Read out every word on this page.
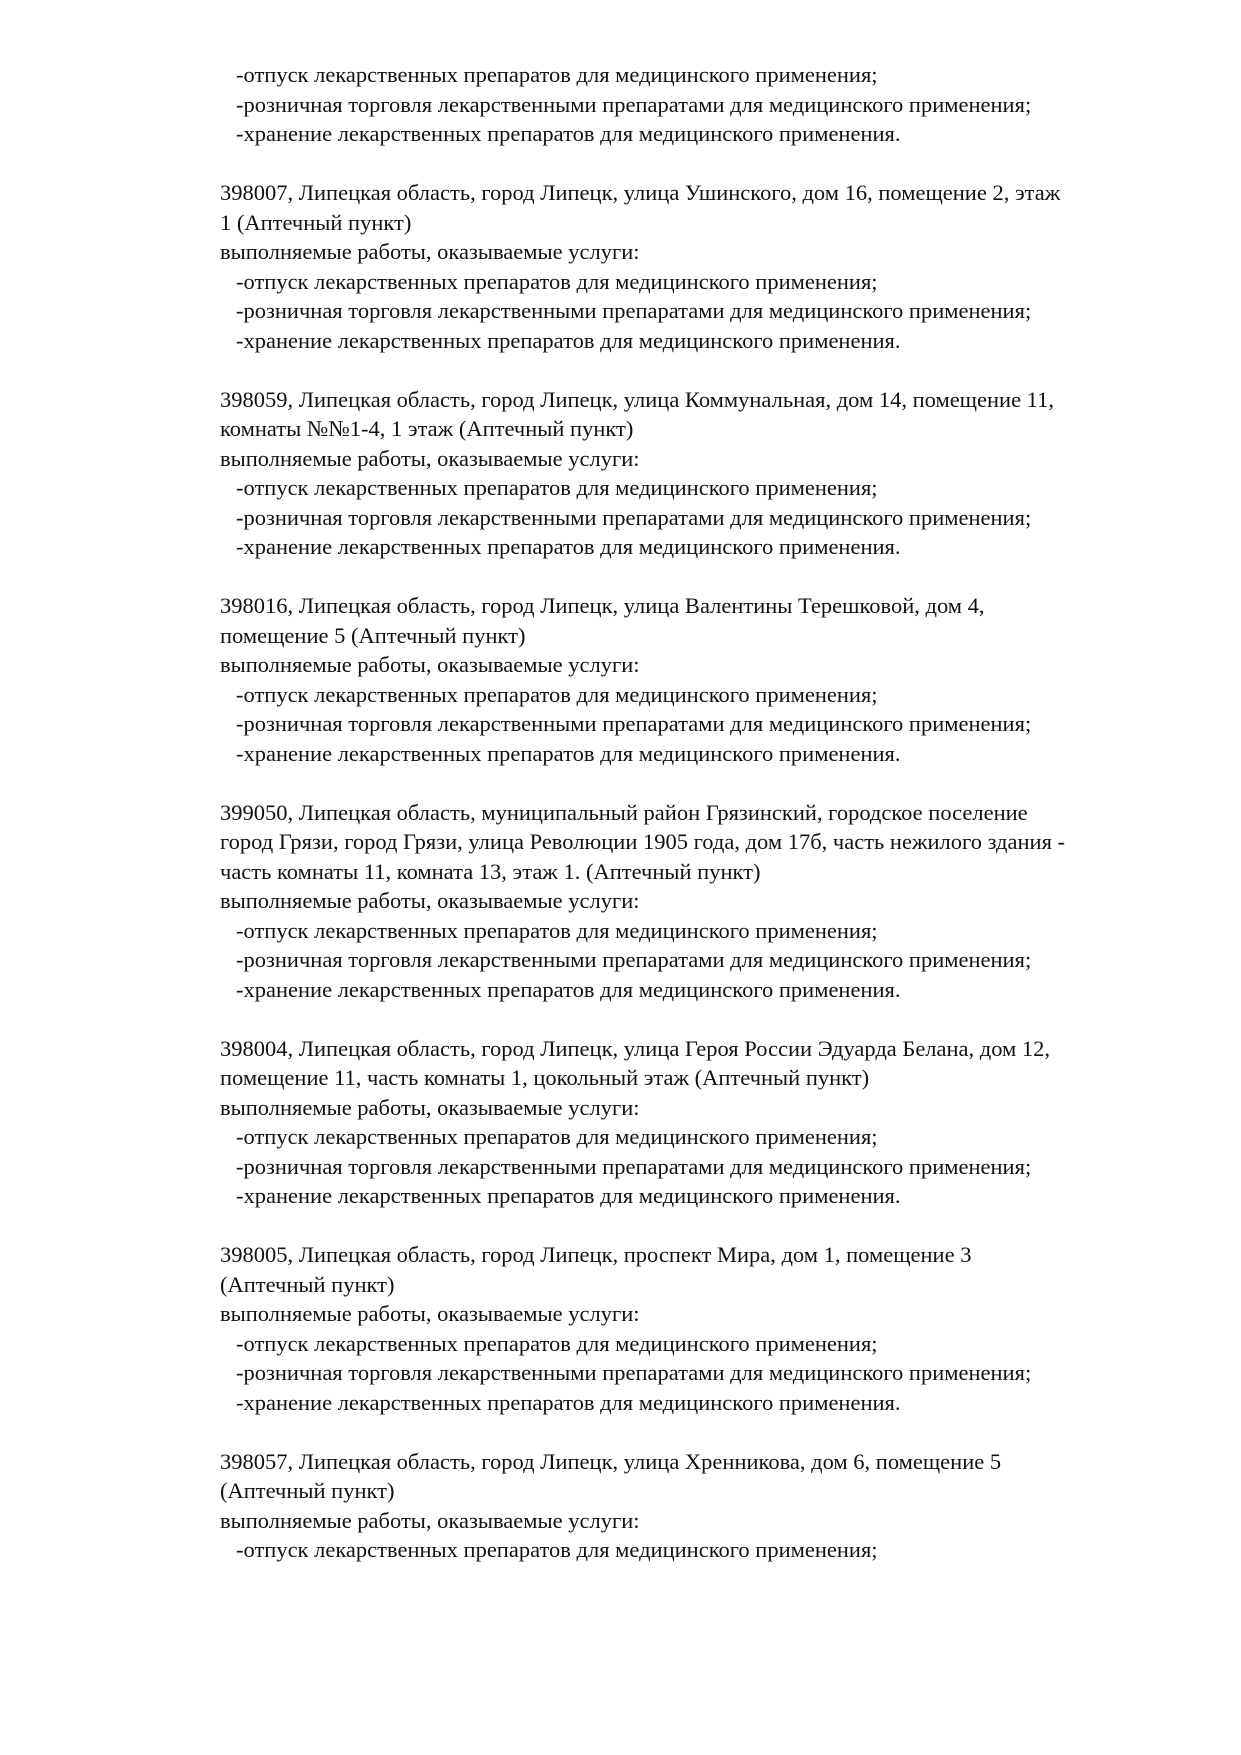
-отпуск лекарственных препаратов для медицинского применения;
-розничная торговля лекарственными препаратами для медицинского применения;
-хранение лекарственных препаратов для медицинского применения.
398007, Липецкая область, город Липецк, улица Ушинского, дом 16, помещение 2, этаж
1 (Аптечный пункт)
выполняемые работы, оказываемые услуги:
-отпуск лекарственных препаратов для медицинского применения;
-розничная торговля лекарственными препаратами для медицинского применения;
-хранение лекарственных препаратов для медицинского применения.
398059, Липецкая область, город Липецк, улица Коммунальная, дом 14, помещение 11,
комнаты №№1-4, 1 этаж (Аптечный пункт)
выполняемые работы, оказываемые услуги:
-отпуск лекарственных препаратов для медицинского применения;
-розничная торговля лекарственными препаратами для медицинского применения;
-хранение лекарственных препаратов для медицинского применения.
398016, Липецкая область, город Липецк, улица Валентины Терешковой, дом 4,
помещение 5 (Аптечный пункт)
выполняемые работы, оказываемые услуги:
-отпуск лекарственных препаратов для медицинского применения;
-розничная торговля лекарственными препаратами для медицинского применения;
-хранение лекарственных препаратов для медицинского применения.
399050, Липецкая область, муниципальный район Грязинский, городское поселение
город Грязи, город Грязи, улица Революции 1905 года, дом 17б, часть нежилого здания -
часть комнаты 11, комната 13, этаж 1. (Аптечный пункт)
выполняемые работы, оказываемые услуги:
-отпуск лекарственных препаратов для медицинского применения;
-розничная торговля лекарственными препаратами для медицинского применения;
-хранение лекарственных препаратов для медицинского применения.
398004, Липецкая область, город Липецк, улица Героя России Эдуарда Белана, дом 12,
помещение 11, часть комнаты 1, цокольный этаж (Аптечный пункт)
выполняемые работы, оказываемые услуги:
-отпуск лекарственных препаратов для медицинского применения;
-розничная торговля лекарственными препаратами для медицинского применения;
-хранение лекарственных препаратов для медицинского применения.
398005, Липецкая область, город Липецк, проспект Мира, дом 1, помещение 3
(Аптечный пункт)
выполняемые работы, оказываемые услуги:
-отпуск лекарственных препаратов для медицинского применения;
-розничная торговля лекарственными препаратами для медицинского применения;
-хранение лекарственных препаратов для медицинского применения.
398057, Липецкая область, город Липецк, улица Хренникова, дом 6, помещение 5
(Аптечный пункт)
выполняемые работы, оказываемые услуги:
-отпуск лекарственных препаратов для медицинского применения;
